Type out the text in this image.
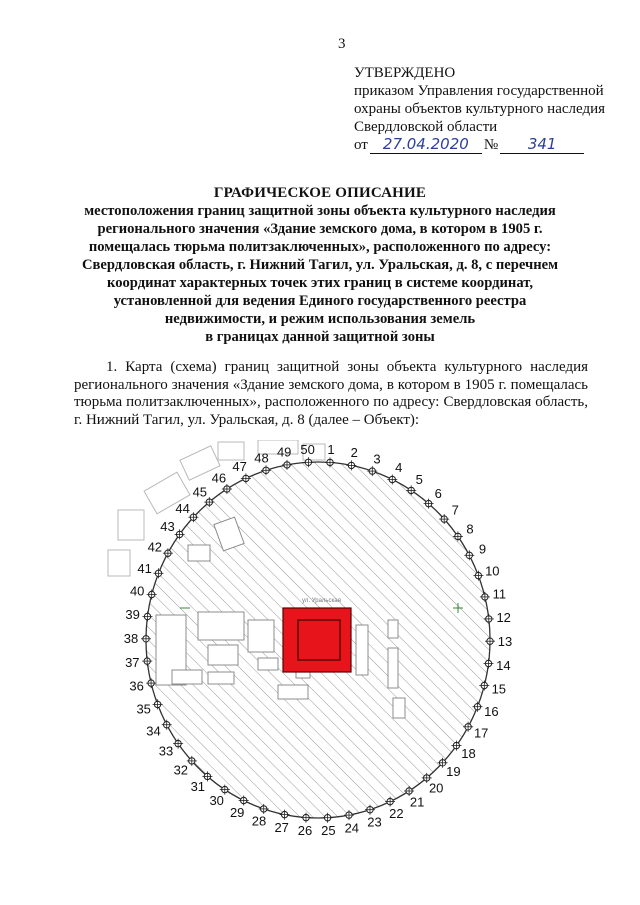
3
УТВЕРЖДЕНО
приказом Управления государственной
охраны объектов культурного наследия
Свердловской области
от	27.04.2020	№	341
ГРАФИЧЕСКОЕ ОПИСАНИЕ
местоположения границ защитной зоны объекта культурного наследия
регионального значения «Здание земского дома, в котором в 1905 г.
помещалась тюрьма политзаключенных», расположенного по адресу:
Свердловская область, г. Нижний Тагил, ул. Уральская, д. 8, с перечнем
координат характерных точек этих границ в системе координат,
установленной для ведения Единого государственного реестра
недвижимости, и режим использования земель
в границах данной защитной зоны
1. Карта (схема) границ защитной зоны объекта культурного наследия
регионального значения «Здание земского дома, в котором в 1905 г. помещалась
тюрьма политзаключенных», расположенного по адресу: Свердловская область,
г. Нижний Тагил, ул. Уральская, д. 8 (далее – Объект):
ул. Уральская
1 2 3
4
5
6
7
8
9
10
11
12
13
14
15
16
17
18
19
20
21
22
23
24
25
26
27
28
29
30
31
32
33
34
35
36
37
38
39
40
41
42
43
44
45
46
47
48 49 50
